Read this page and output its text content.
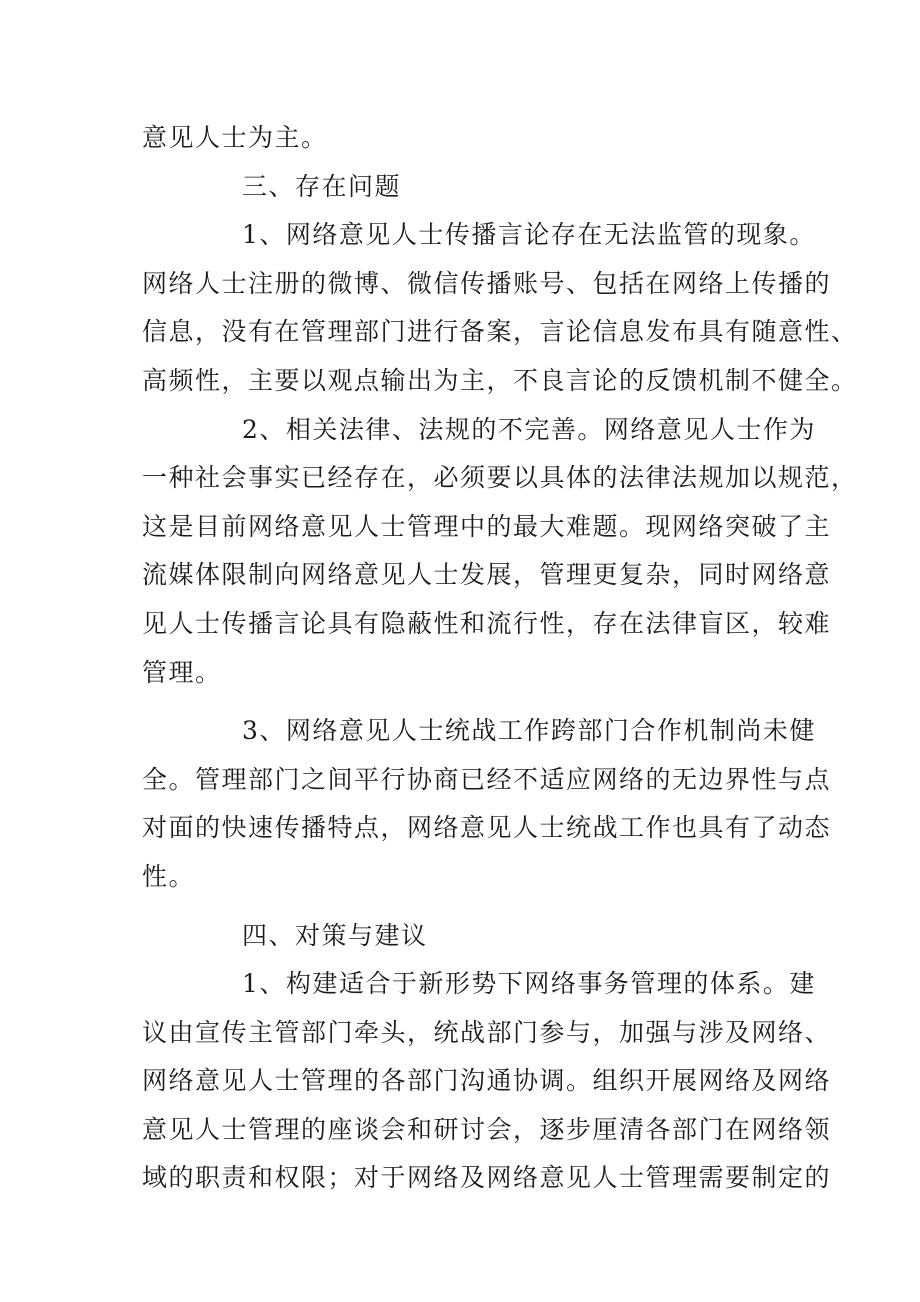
意见人士为主。
三、存在问题
1、网络意见人士传播言论存在无法监管的现象。
网络人士注册的微博、微信传播账号、包括在网络上传播的
信息，没有在管理部门进行备案，言论信息发布具有随意性、
高频性，主要以观点输出为主，不良言论的反馈机制不健全。
2、相关法律、法规的不完善。网络意见人士作为
一种社会事实已经存在，必须要以具体的法律法规加以规范，
这是目前网络意见人士管理中的最大难题。现网络突破了主
流媒体限制向网络意见人士发展，管理更复杂，同时网络意
见人士传播言论具有隐蔽性和流行性，存在法律盲区，较难
管理。
3、网络意见人士统战工作跨部门合作机制尚未健
全。管理部门之间平行协商已经不适应网络的无边界性与点
对面的快速传播特点，网络意见人士统战工作也具有了动态
性。
四、对策与建议
1、构建适合于新形势下网络事务管理的体系。建
议由宣传主管部门牵头，统战部门参与，加强与涉及网络、
网络意见人士管理的各部门沟通协调。组织开展网络及网络
意见人士管理的座谈会和研讨会，逐步厘清各部门在网络领
域的职责和权限；对于网络及网络意见人士管理需要制定的
